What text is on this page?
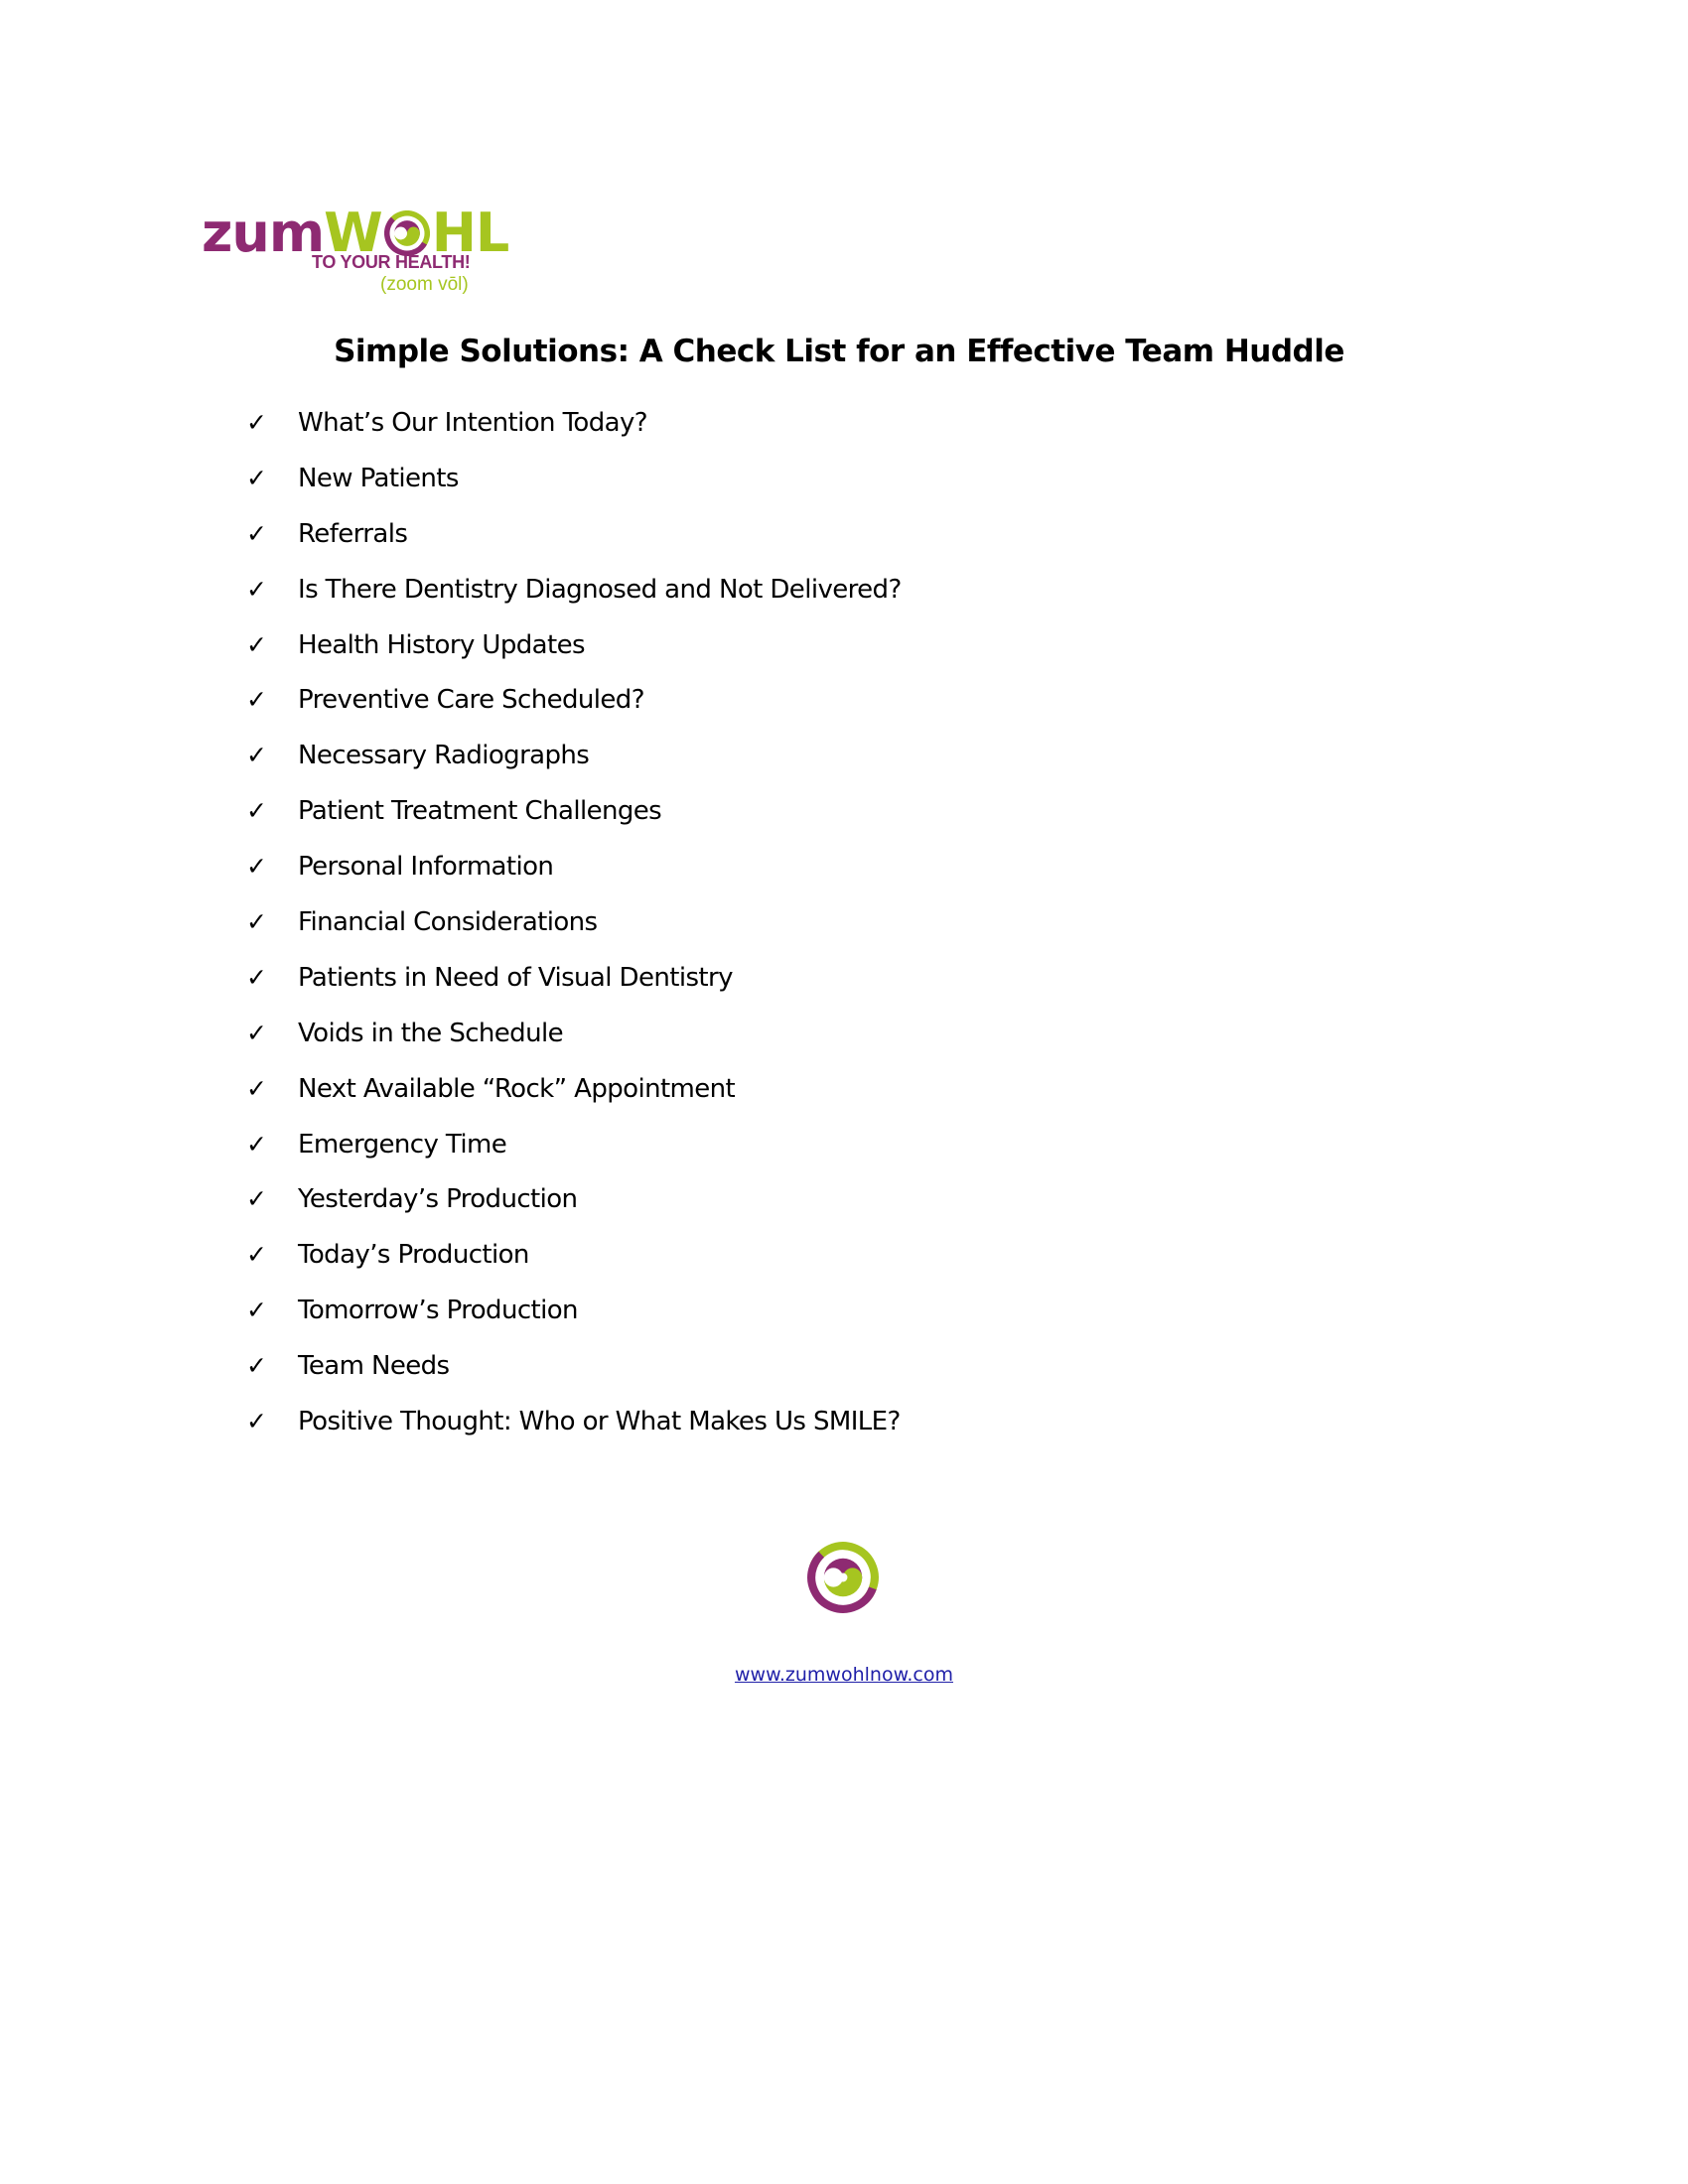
zum W HL
TO YOUR HEALTH!
(zoom vōl)
Simple Solutions: A Check List for an Effective Team Huddle
✓	What’s Our Intention Today?
✓	New Patients
✓	Referrals
✓	Is There Dentistry Diagnosed and Not Delivered?
✓	Health History Updates
✓	Preventive Care Scheduled?
✓	Necessary Radiographs
✓	Patient Treatment Challenges
✓	Personal Information
✓	Financial Considerations
✓	Patients in Need of Visual Dentistry
✓	Voids in the Schedule
✓	Next Available “Rock” Appointment
✓	Emergency Time
✓	Yesterday’s Production
✓	Today’s Production
✓	Tomorrow’s Production
✓	Team Needs
✓	Positive Thought: Who or What Makes Us SMILE?
www.zumwohlnow.com
